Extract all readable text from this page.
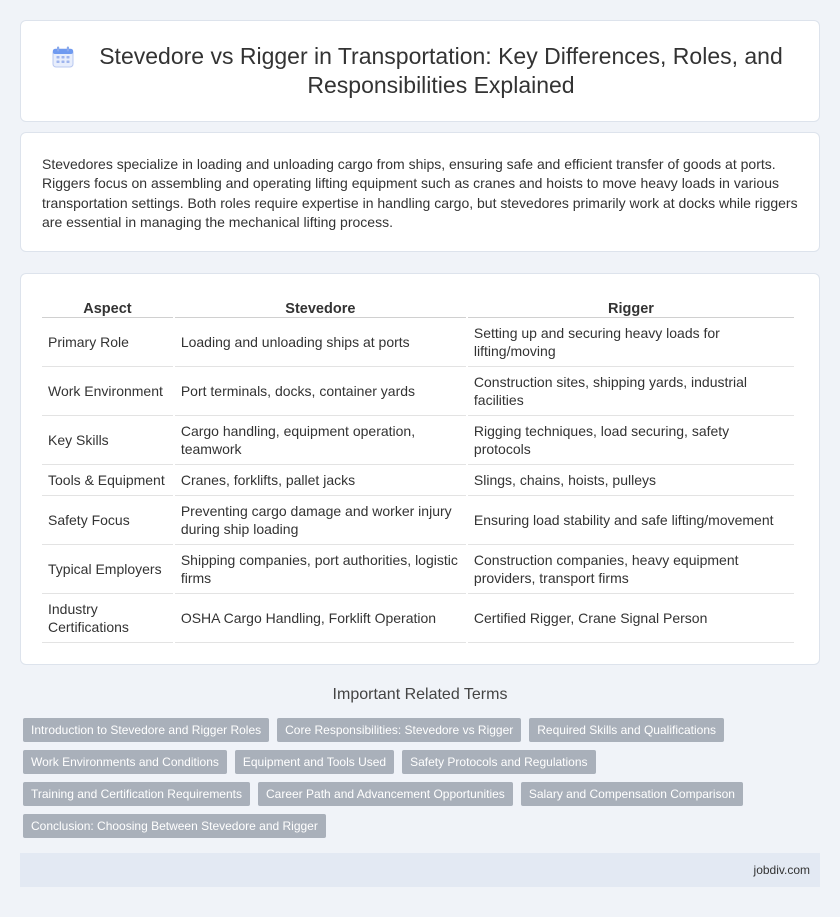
Stevedore vs Rigger in Transportation: Key Differences, Roles, and Responsibilities Explained

Stevedores specialize in loading and unloading cargo from ships, ensuring safe and efficient transfer of goods at ports. Riggers focus on assembling and operating lifting equipment such as cranes and hoists to move heavy loads in various transportation settings. Both roles require expertise in handling cargo, but stevedores primarily work at docks while riggers are essential in managing the mechanical lifting process.

Aspect	Stevedore	Rigger
Primary Role	Loading and unloading ships at ports	Setting up and securing heavy loads for lifting/moving
Work Environment	Port terminals, docks, container yards	Construction sites, shipping yards, industrial facilities
Key Skills	Cargo handling, equipment operation, teamwork	Rigging techniques, load securing, safety protocols
Tools & Equipment	Cranes, forklifts, pallet jacks	Slings, chains, hoists, pulleys
Safety Focus	Preventing cargo damage and worker injury during ship loading	Ensuring load stability and safe lifting/movement
Typical Employers	Shipping companies, port authorities, logistic firms	Construction companies, heavy equipment providers, transport firms
Industry Certifications	OSHA Cargo Handling, Forklift Operation	Certified Rigger, Crane Signal Person
Important Related Terms
Introduction to Stevedore and Rigger Roles	Core Responsibilities: Stevedore vs Rigger	Required Skills and Qualifications
Work Environments and Conditions	Equipment and Tools Used	Safety Protocols and Regulations
Training and Certification Requirements	Career Path and Advancement Opportunities	Salary and Compensation Comparison
Conclusion: Choosing Between Stevedore and Rigger
jobdiv.com
